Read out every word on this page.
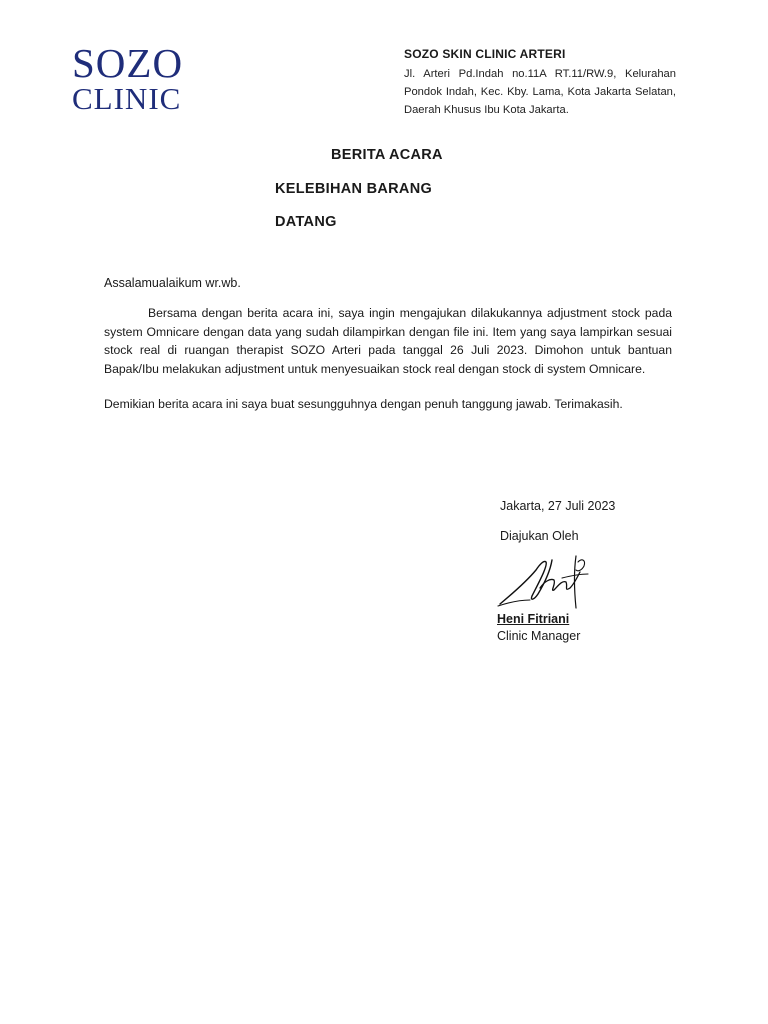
SOZO
CLINIC
SOZO SKIN CLINIC ARTERI
Jl. Arteri Pd.Indah no.11A RT.11/RW.9, Kelurahan Pondok Indah, Kec. Kby. Lama, Kota Jakarta Selatan, Daerah Khusus Ibu Kota Jakarta.
BERITA ACARA
KELEBIHAN BARANG
DATANG
Assalamualaikum wr.wb.
Bersama dengan berita acara ini, saya ingin mengajukan dilakukannya adjustment stock pada system Omnicare dengan data yang sudah dilampirkan dengan file ini. Item yang saya lampirkan sesuai stock real di ruangan therapist SOZO Arteri pada tanggal 26 Juli 2023. Dimohon untuk bantuan Bapak/Ibu melakukan adjustment untuk menyesuaikan stock real dengan stock di system Omnicare.
Demikian berita acara ini saya buat sesungguhnya dengan penuh tanggung jawab. Terimakasih.
Jakarta, 27 Juli 2023
Diajukan Oleh
Heni Fitriani
Clinic Manager
